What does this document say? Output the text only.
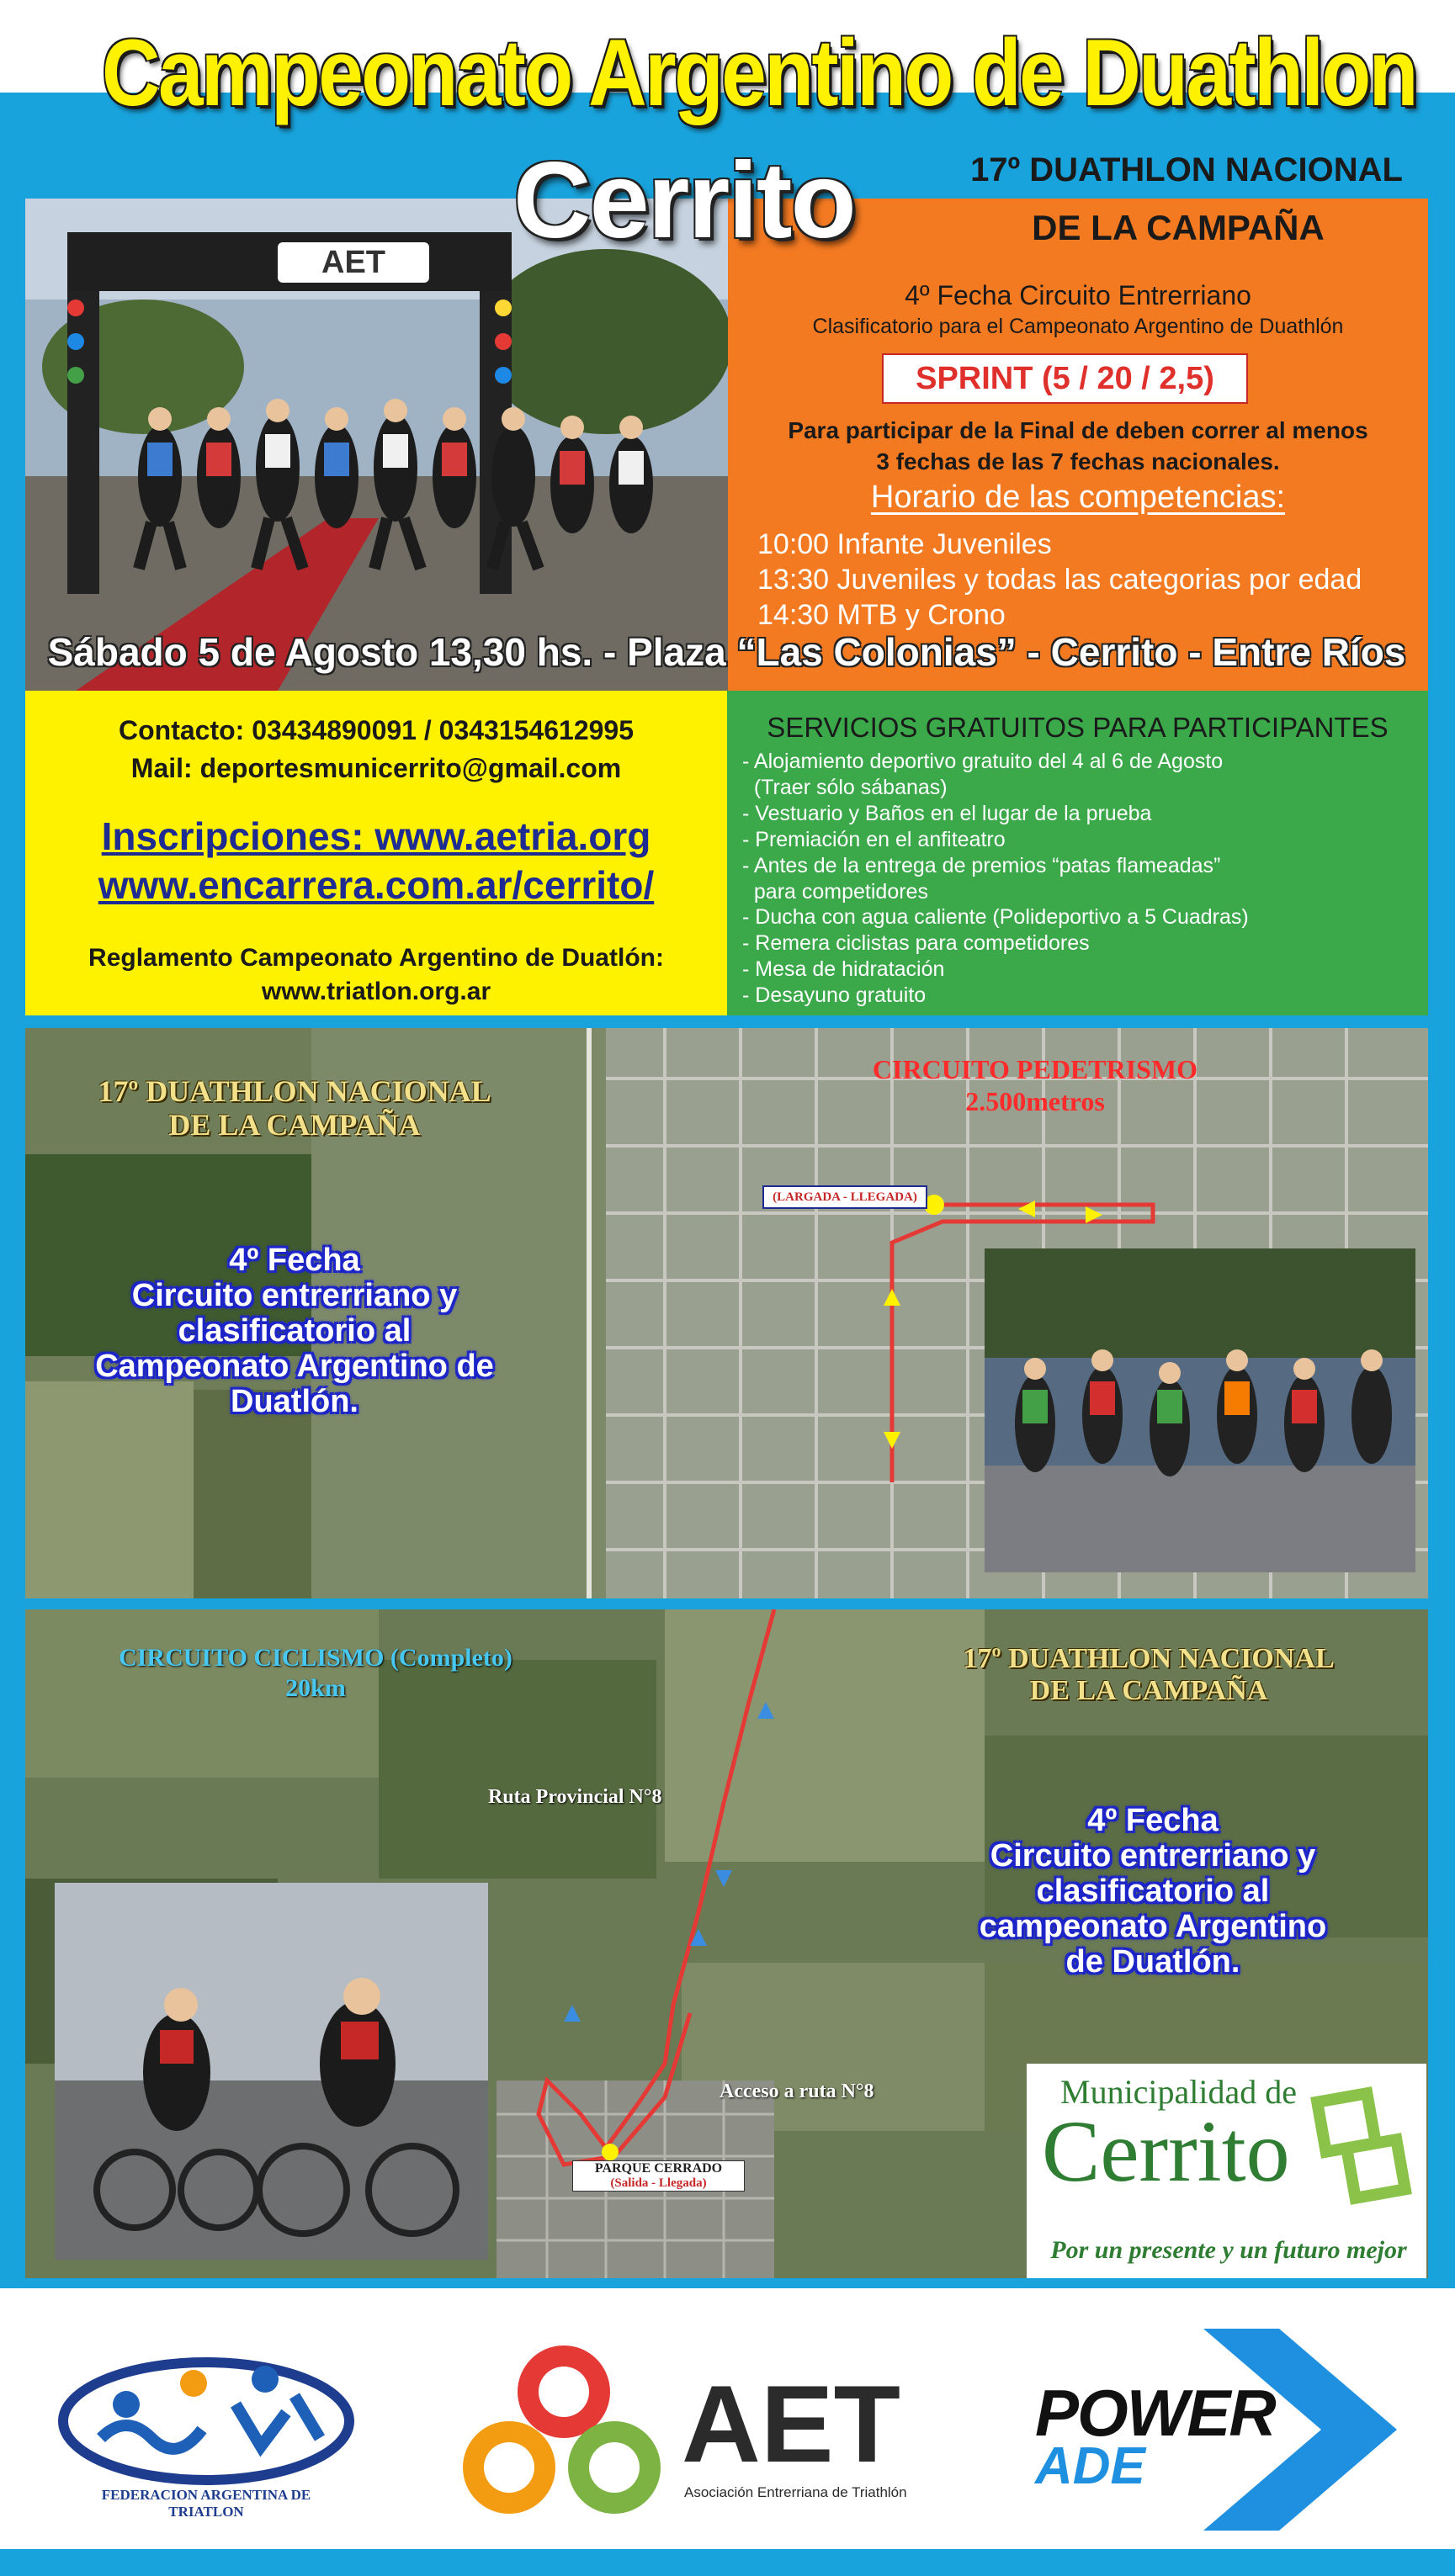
AET
Campeonato Argentino de Duathlon
Cerrito	17º DUATHLON NACIONAL
DE LA CAMPAÑA
4º Fecha Circuito Entrerriano
Clasificatorio para el Campeonato Argentino de Duathlón
SPRINT (5 / 20 / 2,5)
Para participar de la Final de deben correr al menos
3 fechas de las 7 fechas nacionales.
Horario de las competencias:
10:00 Infante Juveniles
13:30 Juveniles y todas las categorias por edad
14:30 MTB y Crono
Sábado 5 de Agosto 13,30 hs. - Plaza “Las Colonias” - Cerrito - Entre Ríos
Contacto: 03434890091 / 0343154612995
Mail: deportesmunicerrito@gmail.com
Inscripciones: www.aetria.org
www.encarrera.com.ar/cerrito/
Reglamento Campeonato Argentino de Duatlón:
www.triatlon.org.ar
SERVICIOS GRATUITOS PARA PARTICIPANTES
- Alojamiento deportivo gratuito del 4 al 6 de Agosto
(Traer sólo sábanas)
- Vestuario y Baños en el lugar de la prueba
- Premiación en el anfiteatro
- Antes de la entrega de premios “patas flameadas”
para competidores
- Ducha con agua caliente (Polideportivo a 5 Cuadras)
- Remera ciclistas para competidores
- Mesa de hidratación
- Desayuno gratuito
17º DUATHLON NACIONAL
DE LA CAMPAÑA
4º Fecha
Circuito entrerriano y
clasificatorio al
Campeonato Argentino de
Duatlón.
CIRCUITO PEDETRISMO
2.500metros
(LARGADA - LLEGADA)
CIRCUITO CICLISMO (Completo)
20km
Ruta Provincial N°8
Acceso a ruta N°8
PARQUE CERRADO
(Salida - Llegada)
17º DUATHLON NACIONAL
DE LA CAMPAÑA
4º Fecha
Circuito entrerriano y
clasificatorio al
campeonato Argentino
de Duatlón.
Municipalidad de
Cerrito
Por un presente y un futuro mejor
FEDERACION ARGENTINA DE TRIATLON
AET
Asociación Entrerriana de Triathlón
POWER
ADE
